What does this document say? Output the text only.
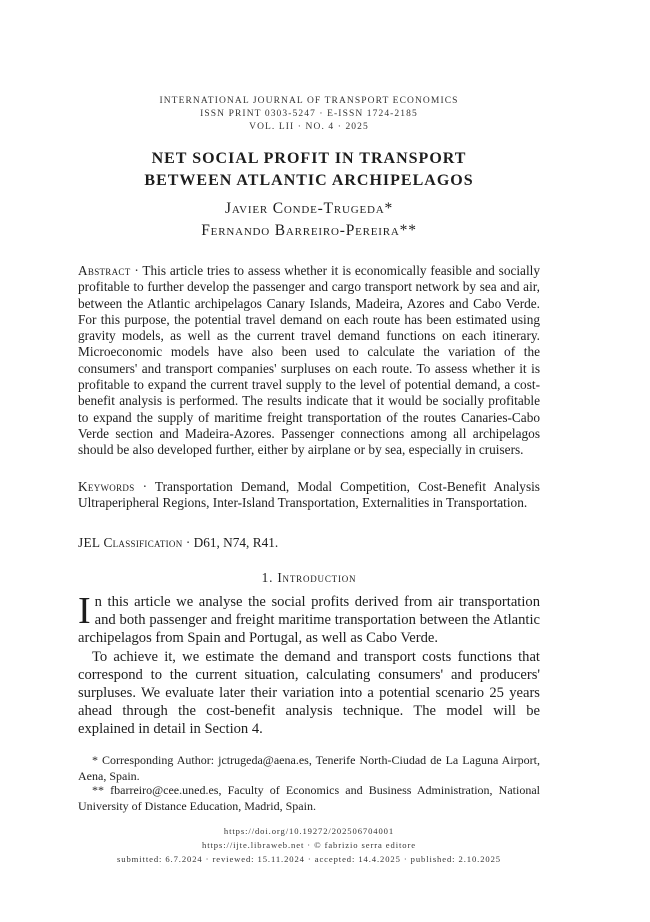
INTERNATIONAL JOURNAL OF TRANSPORT ECONOMICS
ISSN PRINT 0303-5247 · E-ISSN 1724-2185
VOL. LII · NO. 4 · 2025
NET SOCIAL PROFIT IN TRANSPORT
BETWEEN ATLANTIC ARCHIPELAGOS
Javier Conde-Trugeda*
Fernando Barreiro-Pereira**
Abstract · This article tries to assess whether it is economically feasible and socially profitable to further develop the passenger and cargo transport network by sea and air, between the Atlantic archipelagos Canary Islands, Madeira, Azores and Cabo Verde. For this purpose, the potential travel demand on each route has been estimated using gravity models, as well as the current travel demand functions on each itinerary. Microeconomic models have also been used to calculate the variation of the consumers' and transport companies' surpluses on each route. To assess whether it is profitable to expand the current travel supply to the level of potential demand, a cost-benefit analysis is performed. The results indicate that it would be socially profitable to expand the supply of maritime freight transportation of the routes Canaries-Cabo Verde section and Madeira-Azores. Passenger connections among all archipelagos should be also developed further, either by airplane or by sea, especially in cruisers.
Keywords · Transportation Demand, Modal Competition, Cost-Benefit Analysis Ultraperipheral Regions, Inter-Island Transportation, Externalities in Transportation.
JEL Classification · D61, N74, R41.
1. Introduction
In this article we analyse the social profits derived from air transportation and both passenger and freight maritime transportation between the Atlantic archipelagos from Spain and Portugal, as well as Cabo Verde.
To achieve it, we estimate the demand and transport costs functions that correspond to the current situation, calculating consumers' and producers' surpluses. We evaluate later their variation into a potential scenario 25 years ahead through the cost-benefit analysis technique. The model will be explained in detail in Section 4.
* Corresponding Author: jctrugeda@aena.es, Tenerife North-Ciudad de La Laguna Airport, Aena, Spain.
** fbarreiro@cee.uned.es, Faculty of Economics and Business Administration, National University of Distance Education, Madrid, Spain.
https://doi.org/10.19272/202506704001
https://ijte.libraweb.net · © fabrizio serra editore
submitted: 6.7.2024 · reviewed: 15.11.2024 · accepted: 14.4.2025 · published: 2.10.2025
